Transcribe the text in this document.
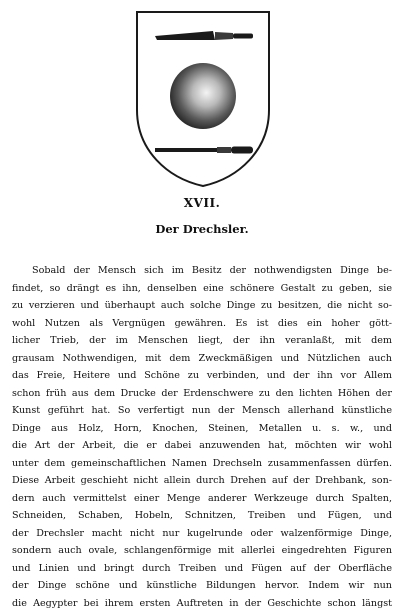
XVII.
Der Drechsler.
Sobald der Mensch sich im Besitz der nothwendigsten Dinge be-
findet, so drängt es ihn, denselben eine schönere Gestalt zu geben, sie
zu verzieren und überhaupt auch solche Dinge zu besitzen, die nicht so-
wohl Nutzen als Vergnügen gewähren. Es ist dies ein hoher gött-
licher Trieb, der im Menschen liegt, der ihn veranlaßt, mit dem
grausam Nothwendigen, mit dem Zweckmäßigen und Nützlichen auch
das Freie, Heitere und Schöne zu verbinden, und der ihn vor Allem
schon früh aus dem Drucke der Erdenschwere zu den lichten Höhen der
Kunst geführt hat. So verfertigt nun der Mensch allerhand künstliche
Dinge aus Holz, Horn, Knochen, Steinen, Metallen u. s. w., und
die Art der Arbeit, die er dabei anzuwenden hat, möchten wir wohl
unter dem gemeinschaftlichen Namen Drechseln zusammenfassen dürfen.
Diese Arbeit geschieht nicht allein durch Drehen auf der Drehbank, son-
dern auch vermittelst einer Menge anderer Werkzeuge durch Spalten,
Schneiden, Schaben, Hobeln, Schnitzen, Treiben und Fügen, und
der Drechsler macht nicht nur kugelrunde oder walzenförmige Dinge,
sondern auch ovale, schlangenförmige mit allerlei eingedrehten Figuren
und Linien und bringt durch Treiben und Fügen auf der Oberfläche
der Dinge schöne und künstliche Bildungen hervor. Indem wir nun
die Aegypter bei ihrem ersten Auftreten in der Geschichte schon längst
